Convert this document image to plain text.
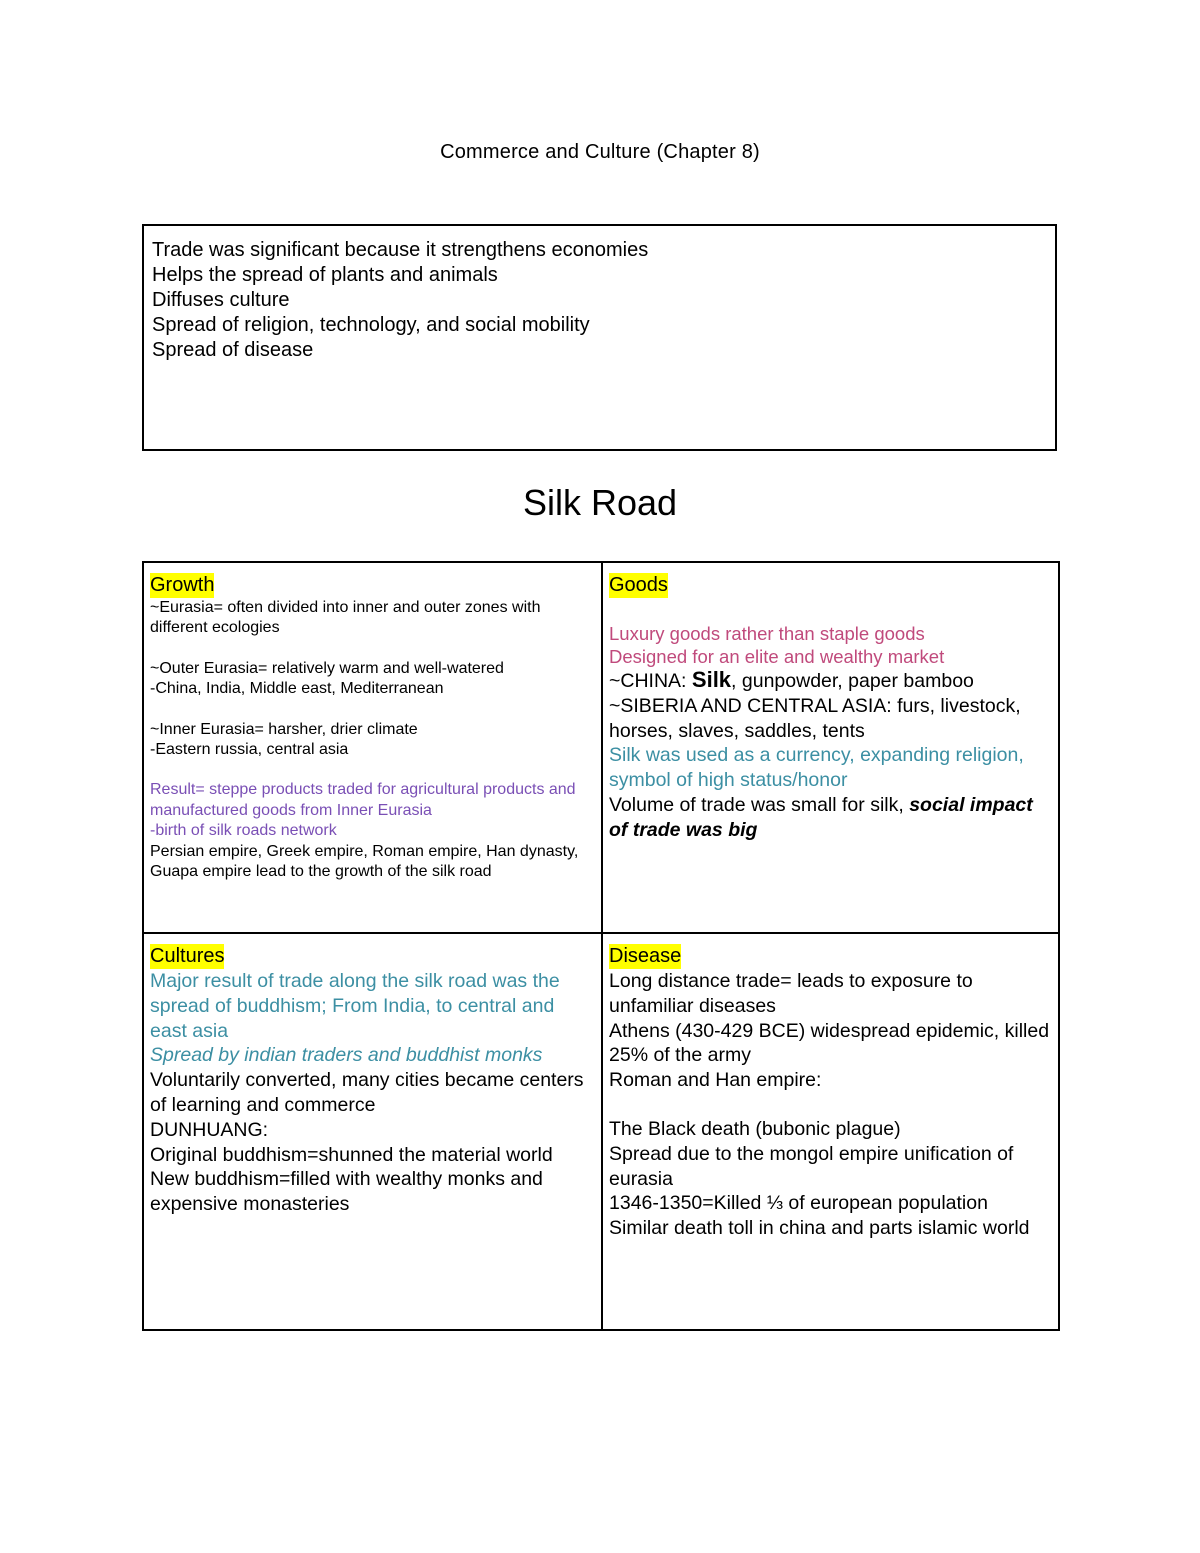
Commerce and Culture (Chapter 8)
Trade was significant because it strengthens economies
Helps the spread of plants and animals
Diffuses culture
Spread of religion, technology, and social mobility
Spread of disease
Silk Road
Growth
~Eurasia= often divided into inner and outer zones with different ecologies
~Outer Eurasia= relatively warm and well-watered
-China, India, Middle east, Mediterranean
~Inner Eurasia= harsher, drier climate
-Eastern russia, central asia
Result= steppe products traded for agricultural products and manufactured goods from Inner Eurasia
-birth of silk roads network
Persian empire, Greek empire, Roman empire, Han dynasty, Guapa empire lead to the growth of the silk road
Goods
Luxury goods rather than staple goods
Designed for an elite and wealthy market
~CHINA: Silk, gunpowder, paper bamboo
~SIBERIA AND CENTRAL ASIA: furs, livestock, horses, slaves, saddles, tents
Silk was used as a currency, expanding religion, symbol of high status/honor
Volume of trade was small for silk, social impact of trade was big
Cultures
Major result of trade along the silk road was the spread of buddhism; From India, to central and east asia
Spread by indian traders and buddhist monks
Voluntarily converted, many cities became centers of learning and commerce
DUNHUANG:
Original buddhism=shunned the material world
New buddhism=filled with wealthy monks and expensive monasteries
Disease
Long distance trade= leads to exposure to unfamiliar diseases
Athens (430-429 BCE) widespread epidemic, killed 25% of the army
Roman and Han empire:
The Black death (bubonic plague)
Spread due to the mongol empire unification of eurasia
1346-1350=Killed ⅓ of european population
Similar death toll in china and parts islamic world
